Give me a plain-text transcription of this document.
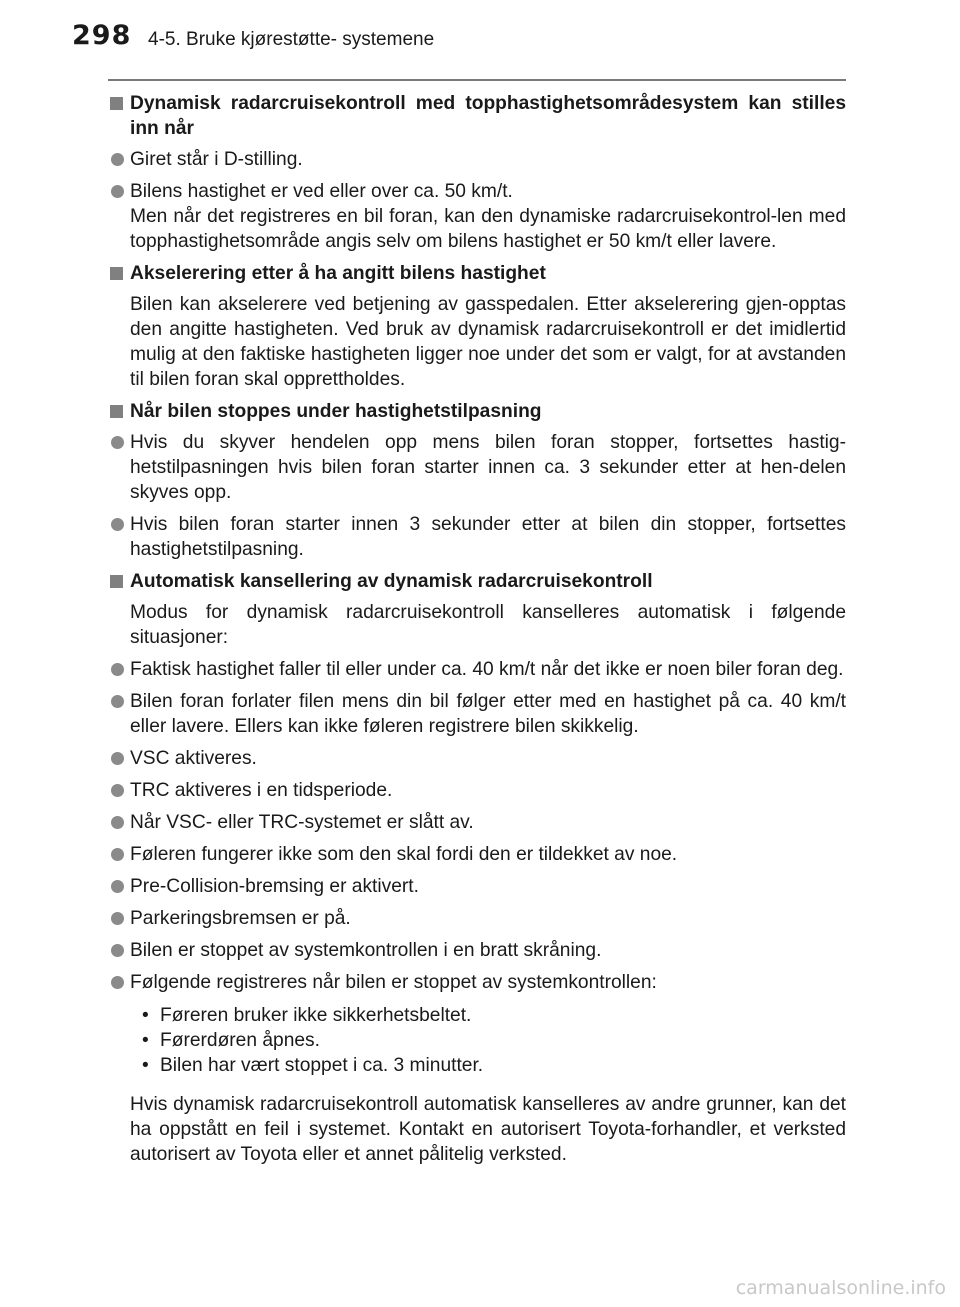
298 4-5. Bruke kjørestøtte- systemene
Dynamisk radarcruisekontroll med topphastighetsområdesystem kan stilles inn når
Giret står i D-stilling.
Bilens hastighet er ved eller over ca. 50 km/t.
Men når det registreres en bil foran, kan den dynamiske radarcruisekontrol-len med topphastighetsområde angis selv om bilens hastighet er 50 km/t eller lavere.
Akselerering etter å ha angitt bilens hastighet
Bilen kan akselerere ved betjening av gasspedalen. Etter akselerering gjen-opptas den angitte hastigheten. Ved bruk av dynamisk radarcruisekontroll er det imidlertid mulig at den faktiske hastigheten ligger noe under det som er valgt, for at avstanden til bilen foran skal opprettholdes.
Når bilen stoppes under hastighetstilpasning
Hvis du skyver hendelen opp mens bilen foran stopper, fortsettes hastig-hetstilpasningen hvis bilen foran starter innen ca. 3 sekunder etter at hen-delen skyves opp.
Hvis bilen foran starter innen 3 sekunder etter at bilen din stopper, fortsettes hastighetstilpasning.
Automatisk kansellering av dynamisk radarcruisekontroll
Modus for dynamisk radarcruisekontroll kanselleres automatisk i følgende situasjoner:
Faktisk hastighet faller til eller under ca. 40 km/t når det ikke er noen biler foran deg.
Bilen foran forlater filen mens din bil følger etter med en hastighet på ca. 40 km/t eller lavere. Ellers kan ikke føleren registrere bilen skikkelig.
VSC aktiveres.
TRC aktiveres i en tidsperiode.
Når VSC- eller TRC-systemet er slått av.
Føleren fungerer ikke som den skal fordi den er tildekket av noe.
Pre-Collision-bremsing er aktivert.
Parkeringsbremsen er på.
Bilen er stoppet av systemkontrollen i en bratt skråning.
Følgende registreres når bilen er stoppet av systemkontrollen:
• Føreren bruker ikke sikkerhetsbeltet.
• Førerdøren åpnes.
• Bilen har vært stoppet i ca. 3 minutter.
Hvis dynamisk radarcruisekontroll automatisk kanselleres av andre grunner, kan det ha oppstått en feil i systemet. Kontakt en autorisert Toyota-forhandler, et verksted autorisert av Toyota eller et annet pålitelig verksted.
carmanualsonline.info
